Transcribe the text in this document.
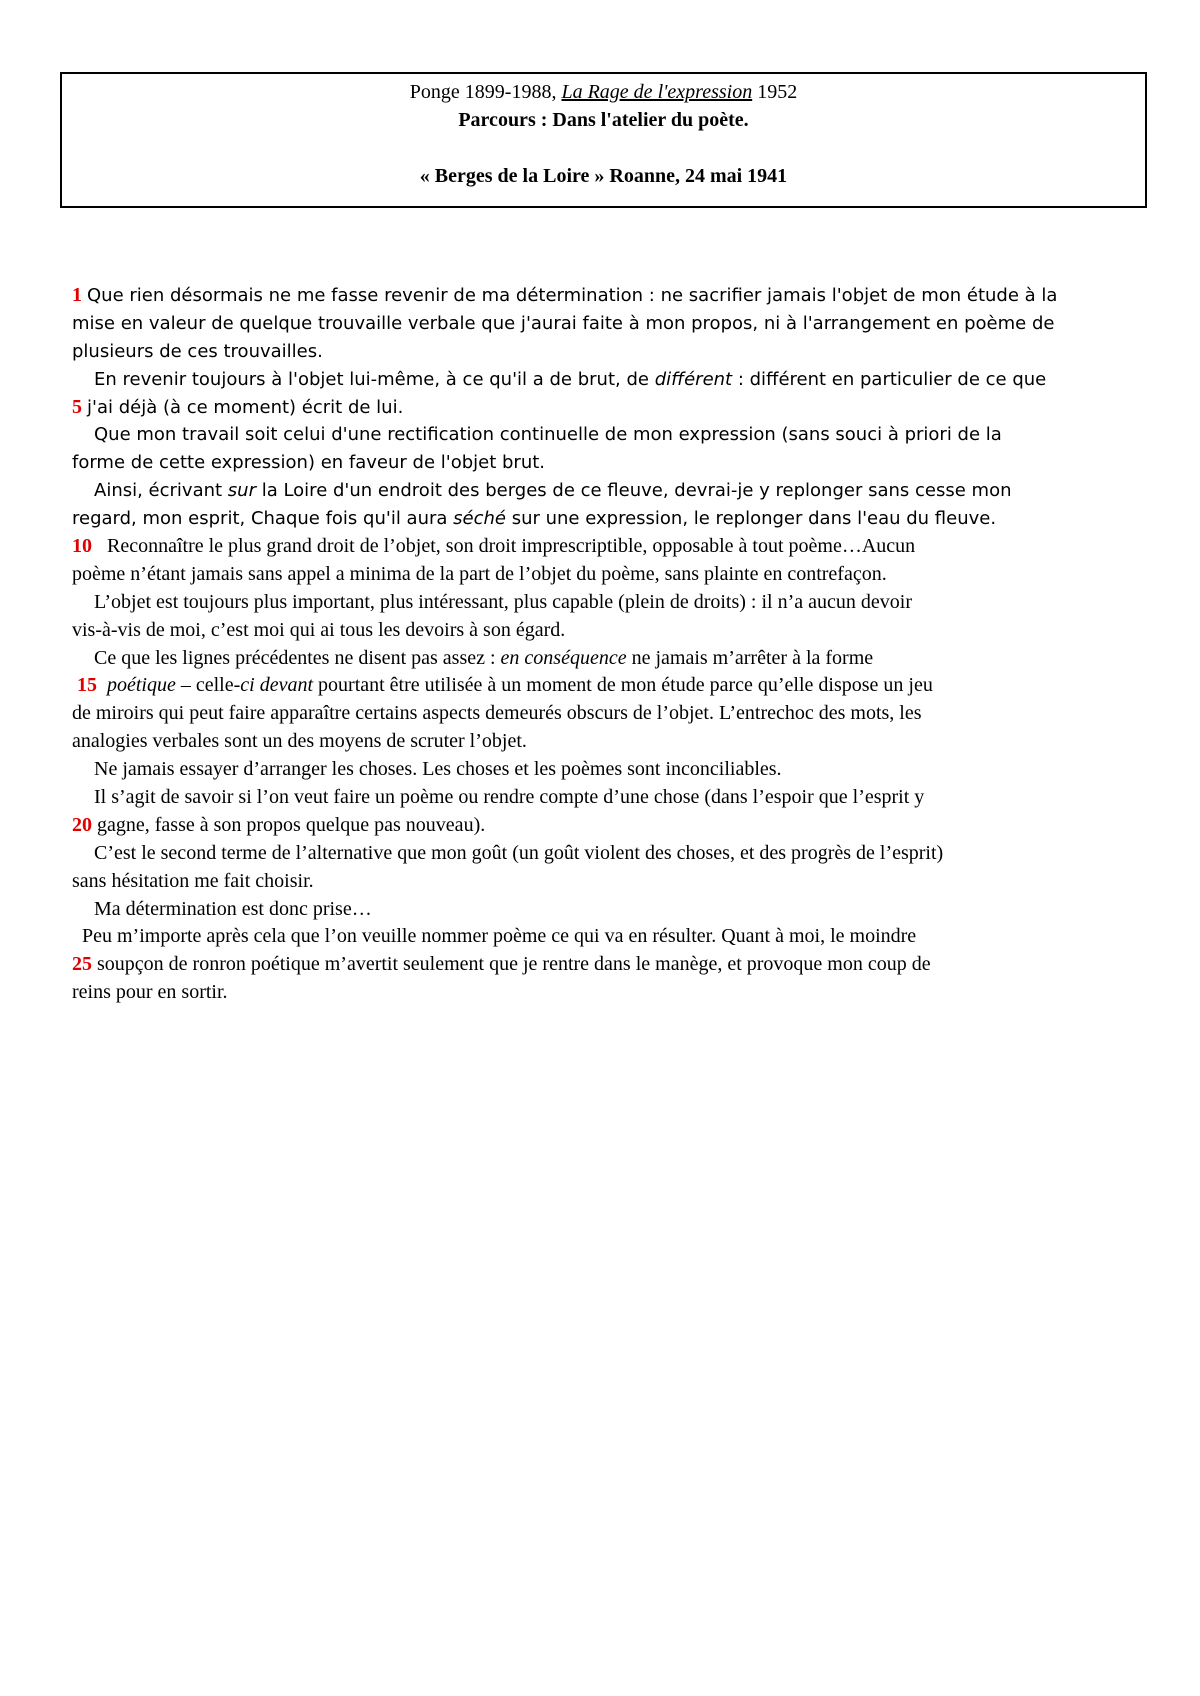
Ponge 1899-1988, La Rage de l'expression 1952
Parcours : Dans l'atelier du poète.
« Berges de la Loire » Roanne, 24 mai 1941
1 Que rien désormais ne me fasse revenir de ma détermination : ne sacrifier jamais l'objet de mon étude à la
mise en valeur de quelque trouvaille verbale que j'aurai faite à mon propos, ni à l'arrangement en poème de
plusieurs de ces trouvailles.
En revenir toujours à l'objet lui-même, à ce qu'il a de brut, de différent : différent en particulier de ce que
5 j'ai déjà (à ce moment) écrit de lui.
Que mon travail soit celui d'une rectification continuelle de mon expression (sans souci à priori de la
forme de cette expression) en faveur de l'objet brut.
Ainsi, écrivant sur la Loire d'un endroit des berges de ce fleuve, devrai-je y replonger sans cesse mon
regard, mon esprit, Chaque fois qu'il aura séché sur une expression, le replonger dans l'eau du fleuve.
10 Reconnaître le plus grand droit de l’objet, son droit imprescriptible, opposable à tout poème…Aucun
poème n’étant jamais sans appel a minima de la part de l’objet du poème, sans plainte en contrefaçon.
L’objet est toujours plus important, plus intéressant, plus capable (plein de droits) : il n’a aucun devoir
vis-à-vis de moi, c’est moi qui ai tous les devoirs à son égard.
Ce que les lignes précédentes ne disent pas assez : en conséquence ne jamais m’arrêter à la forme
15 poétique – celle-ci devant pourtant être utilisée à un moment de mon étude parce qu’elle dispose un jeu
de miroirs qui peut faire apparaître certains aspects demeurés obscurs de l’objet. L’entrechoc des mots, les
analogies verbales sont un des moyens de scruter l’objet.
Ne jamais essayer d’arranger les choses. Les choses et les poèmes sont inconciliables.
Il s’agit de savoir si l’on veut faire un poème ou rendre compte d’une chose (dans l’espoir que l’esprit y
20 gagne, fasse à son propos quelque pas nouveau).
C’est le second terme de l’alternative que mon goût (un goût violent des choses, et des progrès de l’esprit)
sans hésitation me fait choisir.
Ma détermination est donc prise…
Peu m’importe après cela que l’on veuille nommer poème ce qui va en résulter. Quant à moi, le moindre
25 soupçon de ronron poétique m’avertit seulement que je rentre dans le manège, et provoque mon coup de
reins pour en sortir.
